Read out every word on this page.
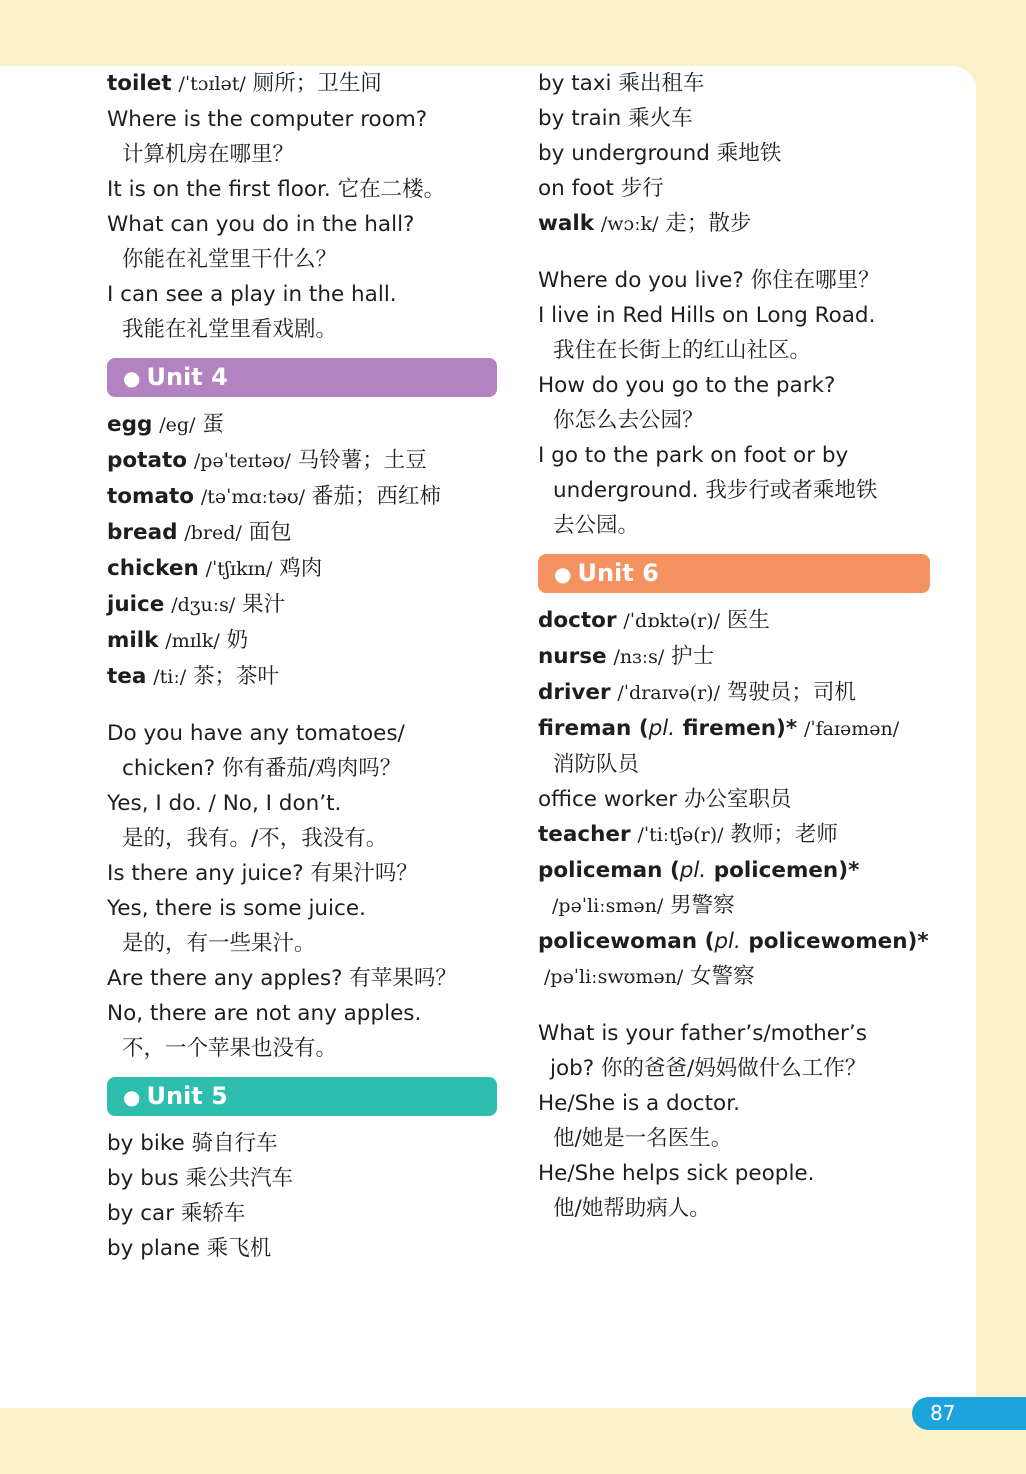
toilet /ˈtɔɪlət/ 厕所；卫生间
Where is the computer room?
计算机房在哪里？
It is on the first floor. 它在二楼。
What can you do in the hall?
你能在礼堂里干什么？
I can see a play in the hall.
我能在礼堂里看戏剧。
● Unit 4
egg /eg/ 蛋
potato /pəˈteɪtəʊ/ 马铃薯；土豆
tomato /təˈmɑːtəʊ/ 番茄；西红柿
bread /bred/ 面包
chicken /ˈtʃɪkɪn/ 鸡肉
juice /dʒuːs/ 果汁
milk /mɪlk/ 奶
tea /tiː/ 茶；茶叶
Do you have any tomatoes/
chicken? 你有番茄/鸡肉吗？
Yes, I do. / No, I don’t.
是的，我有。/不，我没有。
Is there any juice? 有果汁吗？
Yes, there is some juice.
是的，有一些果汁。
Are there any apples? 有苹果吗？
No, there are not any apples.
不，一个苹果也没有。
● Unit 5
by bike 骑自行车
by bus 乘公共汽车
by car 乘轿车
by plane 乘飞机
by taxi 乘出租车
by train 乘火车
by underground 乘地铁
on foot 步行
walk /wɔːk/ 走；散步
Where do you live? 你住在哪里？
I live in Red Hills on Long Road.
我住在长街上的红山社区。
How do you go to the park?
你怎么去公园？
I go to the park on foot or by
underground. 我步行或者乘地铁
去公园。
● Unit 6
doctor /ˈdɒktə(r)/ 医生
nurse /nɜːs/ 护士
driver /ˈdraɪvə(r)/ 驾驶员；司机
fireman (pl. firemen)* /ˈfaɪəmən/
消防队员
office worker 办公室职员
teacher /ˈtiːtʃə(r)/ 教师；老师
policeman (pl. policemen)*
/pəˈliːsmən/ 男警察
policewoman (pl. policewomen)*
/pəˈliːswʊmən/ 女警察
What is your father’s/mother’s
job? 你的爸爸/妈妈做什么工作？
He/She is a doctor.
他/她是一名医生。
He/She helps sick people.
他/她帮助病人。
87
